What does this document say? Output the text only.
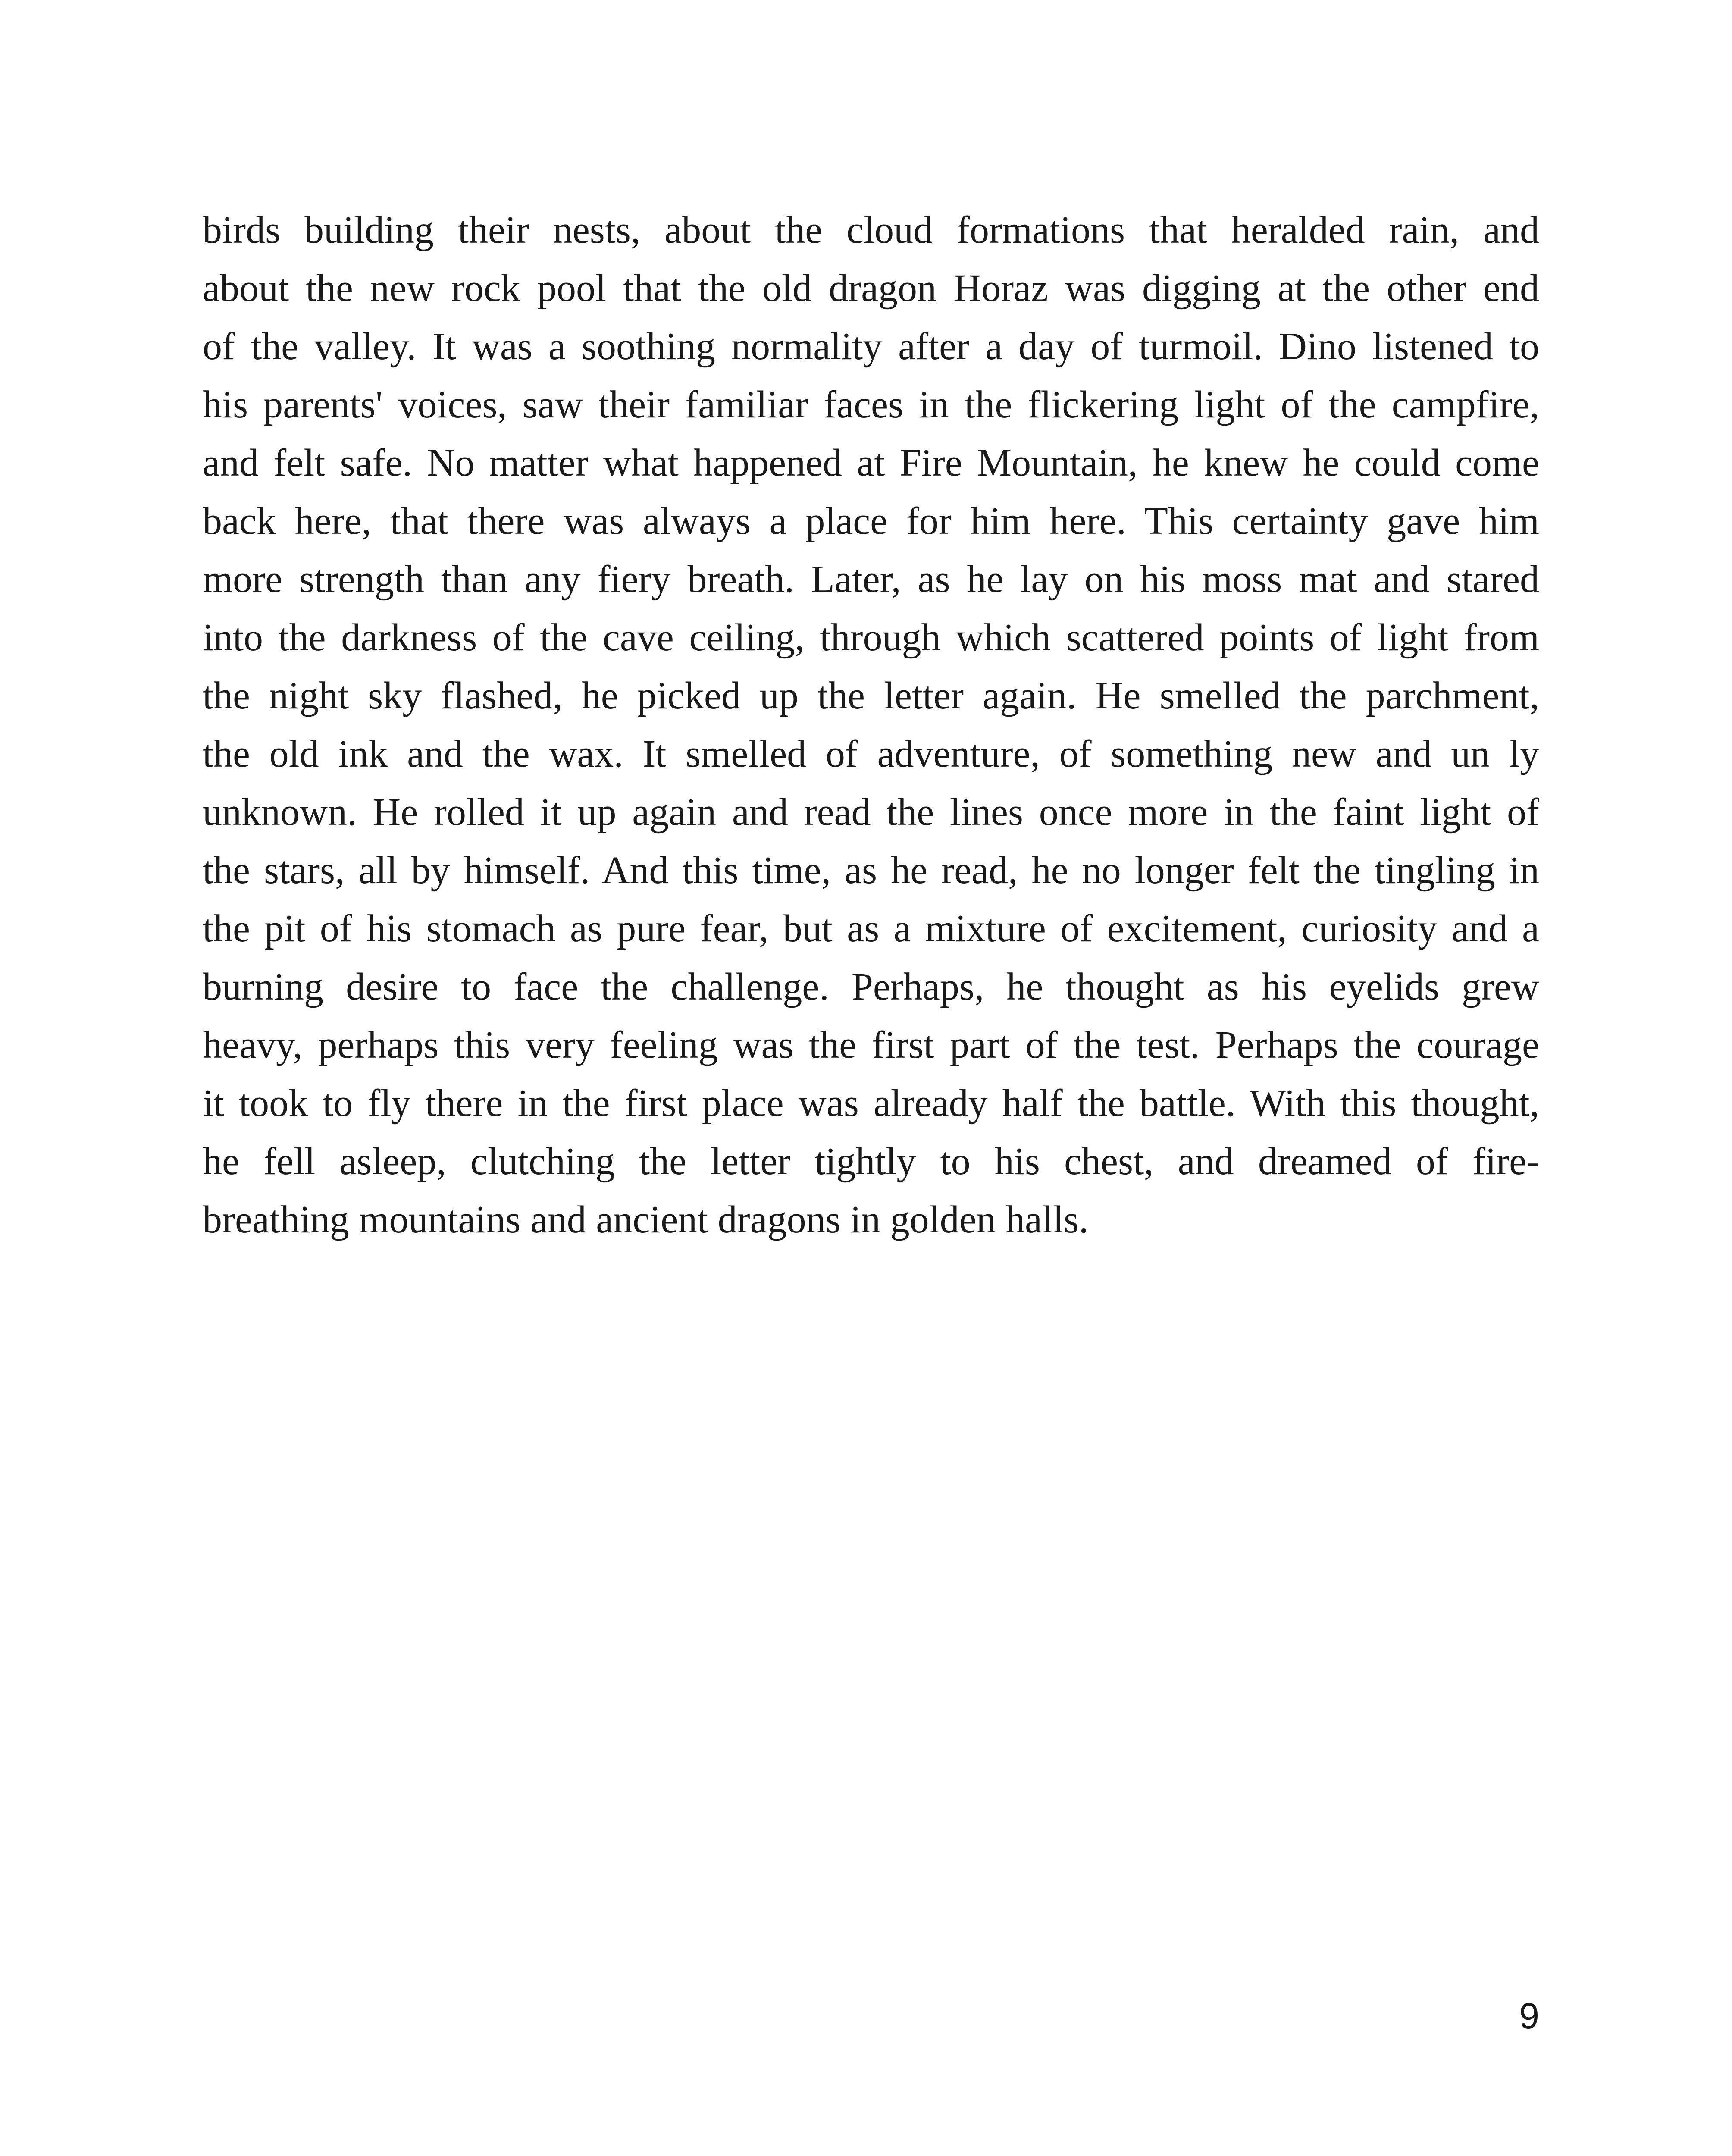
birds building their nests, about the cloud formations that heralded rain, and
about the new rock pool that the old dragon Horaz was digging at the other end
of the valley. It was a soothing normality after a day of turmoil. Dino listened to
his parents' voices, saw their familiar faces in the flickering light of the campfire,
and felt safe. No matter what happened at Fire Mountain, he knew he could come
back here, that there was always a place for him here. This certainty gave him
more strength than any fiery breath. Later, as he lay on his moss mat and stared
into the darkness of the cave ceiling, through which scattered points of light from
the night sky flashed, he picked up the letter again. He smelled the parchment,
the old ink and the wax. It smelled of adventure, of something new and un ly
unknown. He rolled it up again and read the lines once more in the faint light of
the stars, all by himself. And this time, as he read, he no longer felt the tingling in
the pit of his stomach as pure fear, but as a mixture of excitement, curiosity and a
burning desire to face the challenge. Perhaps, he thought as his eyelids grew
heavy, perhaps this very feeling was the first part of the test. Perhaps the courage
it took to fly there in the first place was already half the battle. With this thought,
he fell asleep, clutching the letter tightly to his chest, and dreamed of fire-
breathing mountains and ancient dragons in golden halls.
9
